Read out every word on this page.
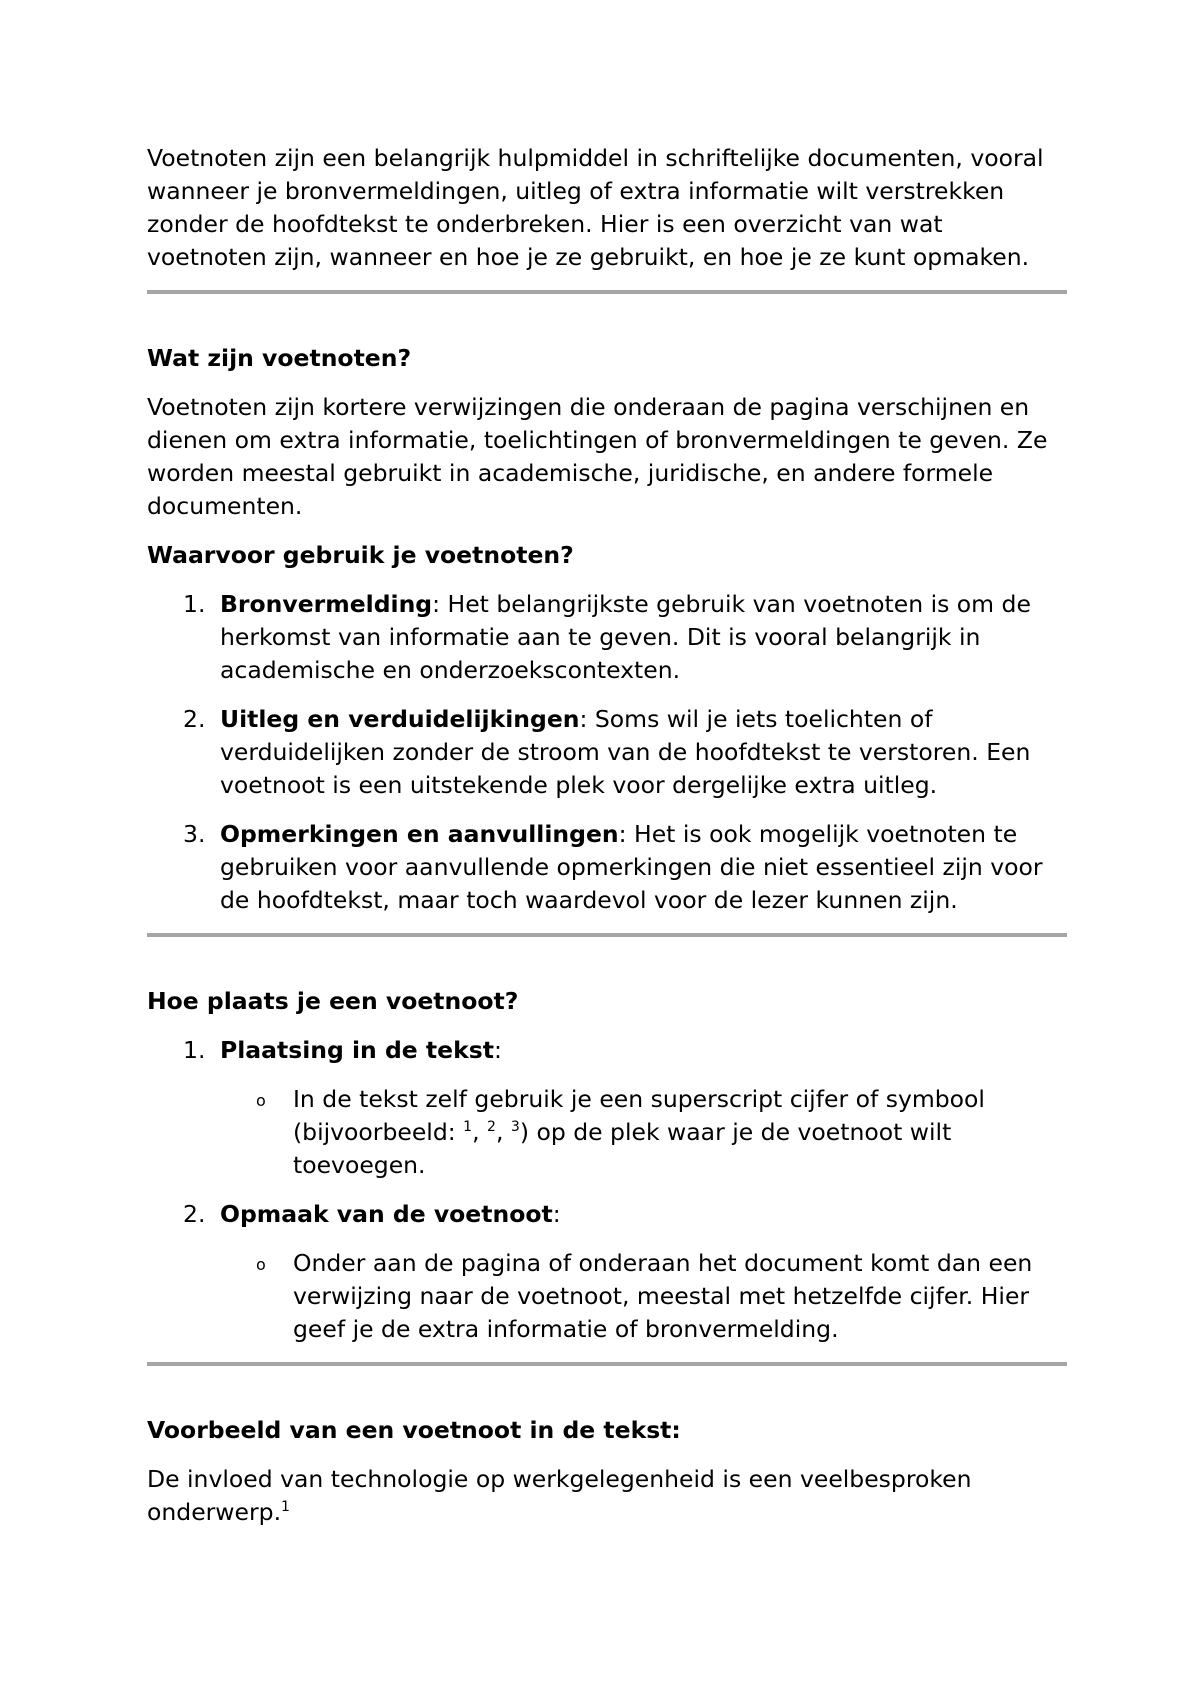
Voetnoten zijn een belangrijk hulpmiddel in schriftelijke documenten, vooral wanneer je bronvermeldingen, uitleg of extra informatie wilt verstrekken zonder de hoofdtekst te onderbreken. Hier is een overzicht van wat voetnoten zijn, wanneer en hoe je ze gebruikt, en hoe je ze kunt opmaken.

Wat zijn voetnoten?

Voetnoten zijn kortere verwijzingen die onderaan de pagina verschijnen en dienen om extra informatie, toelichtingen of bronvermeldingen te geven. Ze worden meestal gebruikt in academische, juridische, en andere formele documenten.

Waarvoor gebruik je voetnoten?

1. Bronvermelding: Het belangrijkste gebruik van voetnoten is om de herkomst van informatie aan te geven. Dit is vooral belangrijk in academische en onderzoekscontexten.
2. Uitleg en verduidelijkingen: Soms wil je iets toelichten of verduidelijken zonder de stroom van de hoofdtekst te verstoren. Een voetnoot is een uitstekende plek voor dergelijke extra uitleg.
3. Opmerkingen en aanvullingen: Het is ook mogelijk voetnoten te gebruiken voor aanvullende opmerkingen die niet essentieel zijn voor de hoofdtekst, maar toch waardevol voor de lezer kunnen zijn.

Hoe plaats je een voetnoot?

1. Plaatsing in de tekst:
o In de tekst zelf gebruik je een superscript cijfer of symbool (bijvoorbeeld: $^1$, $^2$, $^3$) op de plek waar je de voetnoot wilt toevoegen.
2. Opmaak van de voetnoot:
o Onder aan de pagina of onderaan het document komt dan een verwijzing naar de voetnoot, meestal met hetzelfde cijfer. Hier geef je de extra informatie of bronvermelding.

Voorbeeld van een voetnoot in de tekst:

De invloed van technologie op werkgelegenheid is een veelbesproken onderwerp.$^1$
